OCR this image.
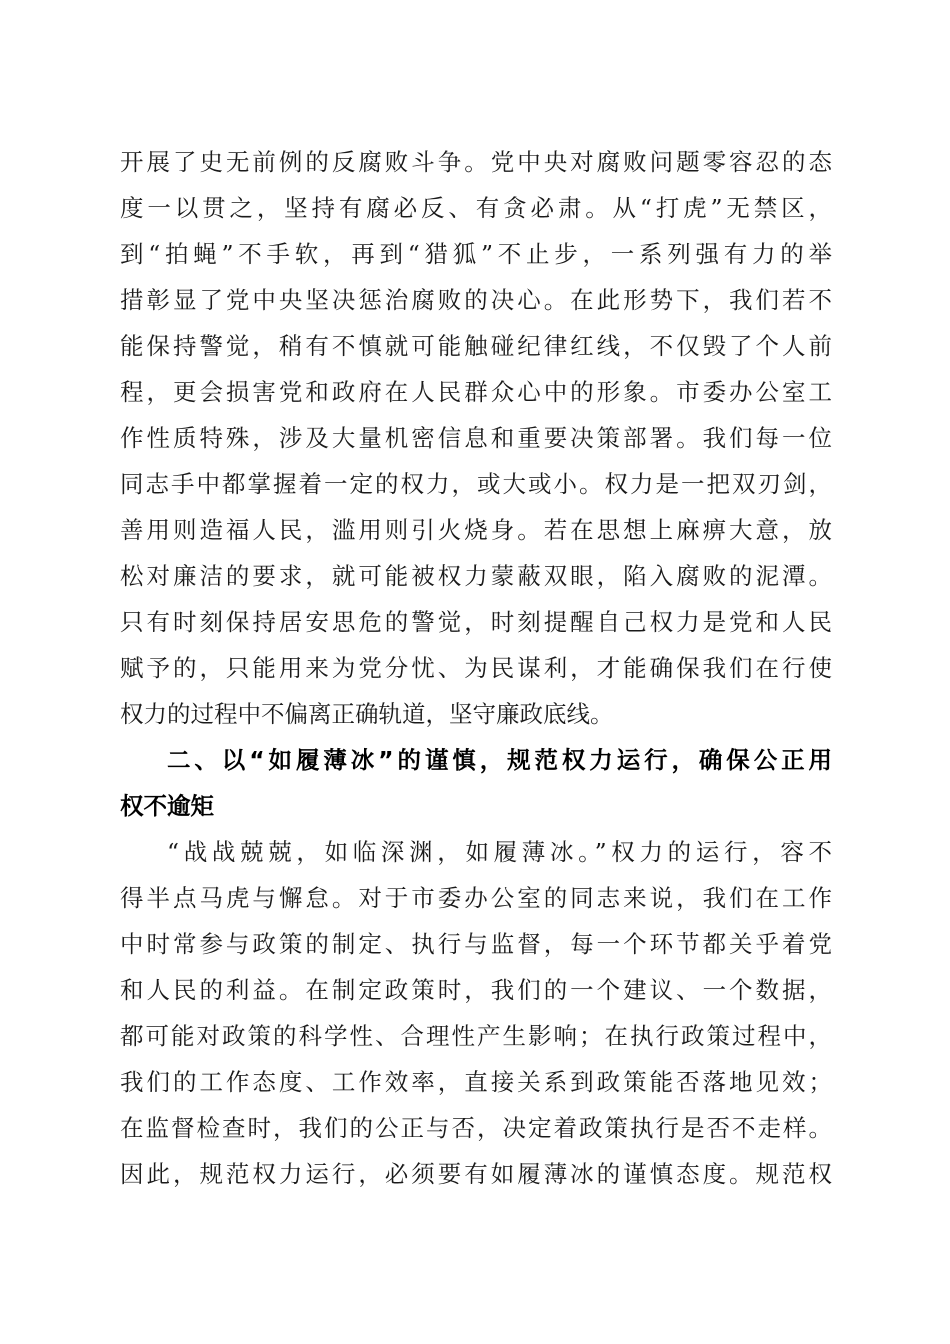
开展了史无前例的反腐败斗争。党中央对腐败问题零容忍的态
度一以贯之，坚持有腐必反、有贪必肃。从“打虎”无禁区，
到“拍蝇”不手软，再到“猎狐”不止步，一系列强有力的举
措彰显了党中央坚决惩治腐败的决心。在此形势下，我们若不
能保持警觉，稍有不慎就可能触碰纪律红线，不仅毁了个人前
程，更会损害党和政府在人民群众心中的形象。市委办公室工
作性质特殊，涉及大量机密信息和重要决策部署。我们每一位
同志手中都掌握着一定的权力，或大或小。权力是一把双刃剑，
善用则造福人民，滥用则引火烧身。若在思想上麻痹大意，放
松对廉洁的要求，就可能被权力蒙蔽双眼，陷入腐败的泥潭。
只有时刻保持居安思危的警觉，时刻提醒自己权力是党和人民
赋予的，只能用来为党分忧、为民谋利，才能确保我们在行使
权力的过程中不偏离正确轨道，坚守廉政底线。
二、以“如履薄冰”的谨慎，规范权力运行，确保公正用
权不逾矩
“战战兢兢，如临深渊，如履薄冰。”权力的运行，容不
得半点马虎与懈怠。对于市委办公室的同志来说，我们在工作
中时常参与政策的制定、执行与监督，每一个环节都关乎着党
和人民的利益。在制定政策时，我们的一个建议、一个数据，
都可能对政策的科学性、合理性产生影响；在执行政策过程中，
我们的工作态度、工作效率，直接关系到政策能否落地见效；
在监督检查时，我们的公正与否，决定着政策执行是否不走样。
因此，规范权力运行，必须要有如履薄冰的谨慎态度。规范权
